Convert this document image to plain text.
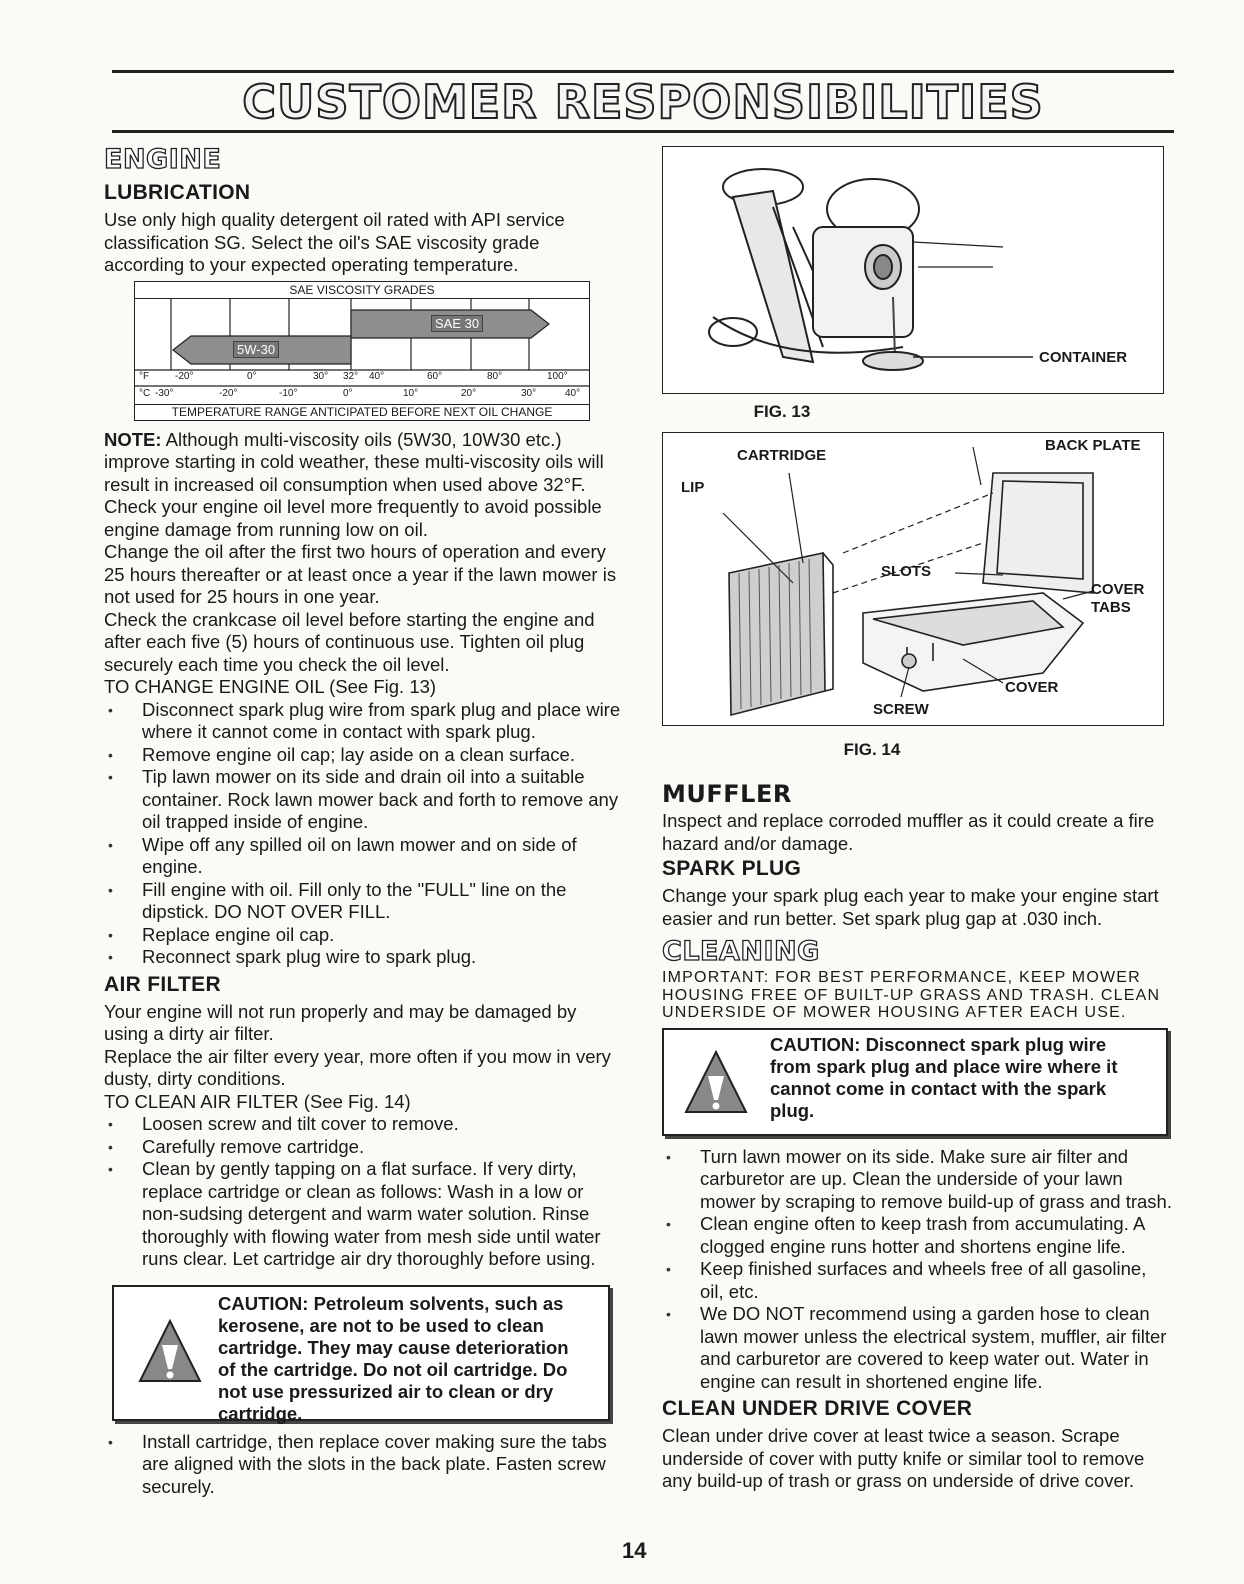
CUSTOMER RESPONSIBILITIES
ENGINE
LUBRICATION

Use only high quality detergent oil rated with API service classification SG. Select the oil's SAE viscosity grade according to your expected operating temperature.

SAE VISCOSITY GRADES
SAE 30
5W-30
°F	-20°	0°	30° 32° 40°	60°	80°	100°
°C -30°	-20°	-10°	0°	10°	20°	30°	40°
TEMPERATURE RANGE ANTICIPATED BEFORE NEXT OIL CHANGE

NOTE: Although multi-viscosity oils (5W30, 10W30 etc.) improve starting in cold weather, these multi-viscosity oils will result in increased oil consumption when used above 32°F. Check your engine oil level more frequently to avoid possible engine damage from running low on oil.

Change the oil after the first two hours of operation and every 25 hours thereafter or at least once a year if the lawn mower is not used for 25 hours in one year.

Check the crankcase oil level before starting the engine and after each five (5) hours of continuous use. Tighten oil plug securely each time you check the oil level.

TO CHANGE ENGINE OIL (See Fig. 13)

• Disconnect spark plug wire from spark plug and place wire where it cannot come in contact with spark plug.
• Remove engine oil cap; lay aside on a clean surface.
• Tip lawn mower on its side and drain oil into a suitable container. Rock lawn mower back and forth to remove any oil trapped inside of engine.
• Wipe off any spilled oil on lawn mower and on side of engine.
• Fill engine with oil. Fill only to the "FULL" line on the dipstick. DO NOT OVER FILL.
• Replace engine oil cap.
• Reconnect spark plug wire to spark plug.
AIR FILTER

Your engine will not run properly and may be damaged by using a dirty air filter.

Replace the air filter every year, more often if you mow in very dusty, dirty conditions.

TO CLEAN AIR FILTER (See Fig. 14)

• Loosen screw and tilt cover to remove.
• Carefully remove cartridge.
• Clean by gently tapping on a flat surface. If very dirty, replace cartridge or clean as follows: Wash in a low or non-sudsing detergent and warm water solution. Rinse thoroughly with flowing water from mesh side until water runs clear. Let cartridge air dry thoroughly before using.
CAUTION: Petroleum solvents, such as kerosene, are not to be used to clean cartridge. They may cause deterioration of the cartridge. Do not oil cartridge. Do not use pressurized air to clean or dry cartridge.
• Install cartridge, then replace cover making sure the tabs are aligned with the slots in the back plate. Fasten screw securely.
CONTAINER
FIG. 13
CARTRIDGE
BACK PLATE
LIP
SLOTS
COVER
TABS
COVER
SCREW
FIG. 14
MUFFLER

Inspect and replace corroded muffler as it could create a fire hazard and/or damage.

SPARK PLUG

Change your spark plug each year to make your engine start easier and run better. Set spark plug gap at .030 inch.

CLEANING

IMPORTANT: FOR BEST PERFORMANCE, KEEP MOWER HOUSING FREE OF BUILT-UP GRASS AND TRASH. CLEAN UNDERSIDE OF MOWER HOUSING AFTER EACH USE.

CAUTION: Disconnect spark plug wire from spark plug and place wire where it cannot come in contact with the spark plug.
• Turn lawn mower on its side. Make sure air filter and carburetor are up. Clean the underside of your lawn mower by scraping to remove build-up of grass and trash.
• Clean engine often to keep trash from accumulating. A clogged engine runs hotter and shortens engine life.
• Keep finished surfaces and wheels free of all gasoline, oil, etc.
• We DO NOT recommend using a garden hose to clean lawn mower unless the electrical system, muffler, air filter and carburetor are covered to keep water out. Water in engine can result in shortened engine life.
CLEAN UNDER DRIVE COVER

Clean under drive cover at least twice a season. Scrape underside of cover with putty knife or similar tool to remove any build-up of trash or grass on underside of drive cover.

14
